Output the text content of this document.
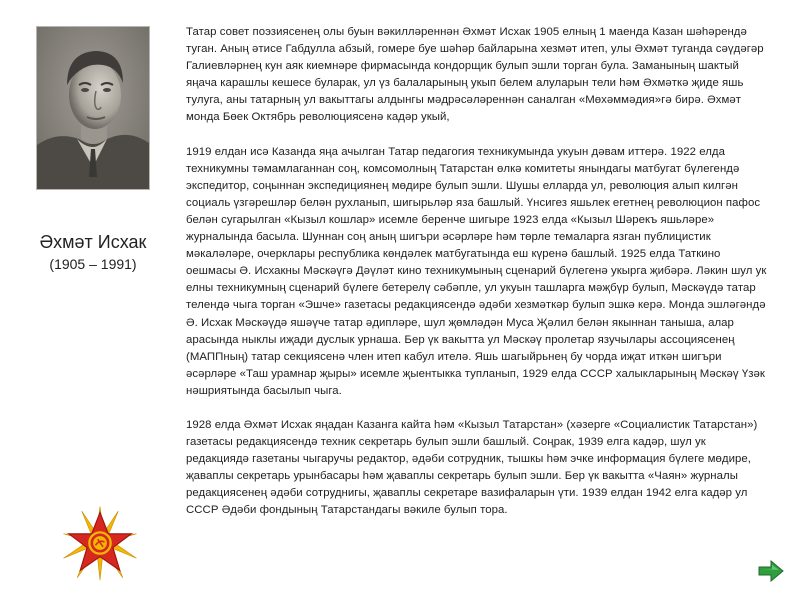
Әхмәт Исхак
(1905 – 1991)

Татар совет поэзиясенең олы буын вәкилләреннән Әхмәт Исхак 1905 елның 1 маенда Казан шәһәрендә туган. Аның әтисе Габдулла абзый, гомере буе шәһәр байларына хезмәт итеп, улы Әхмәт туганда сәүдәгәр Галиевләрнең кун аяк киемнәре фирмасында кондорщик булып эшли торган була. Заманының шактый яңача карашлы кешесе буларак, ул үз балаларының укып белем алуларын тели һәм Әхмәткә җиде яшь тулуга, аны татарның ул вакыттагы алдынгы мәдрәсәләреннән саналган «Мөхәммәдия»гә бирә. Әхмәт монда Бөек Октябрь революциясенә кадәр укый,

1919 елдан исә Казанда яңа ачылган Татар педагогия техникумында укуын дәвам иттерә. 1922 елда техникумны тәмамлаганнан соң, комсомолның Татарстан өлкә комитеты янындагы матбугат бүлегендә экспедитор, соңыннан экспедициянең мөдире булып эшли. Шушы елларда ул, революция алып килгән социаль үзгәрешләр белән рухланып, шигырьләр яза башлый. Үнсигез яшьлек егетнең революцион пафос белән сугарылган «Кызыл кошлар» исемле беренче шигыре 1923 елда «Кызыл Шәрекъ яшьләре» журналында басыла. Шуннан соң аның шигъри әсәрләре һәм төрле темаларга язган публицистик мәкаләләре, очерклары республика көндәлек матбугатында еш күренә башлый. 1925 елда Таткино оешмасы Ә. Исхакны Мәскәүгә Дәүләт кино техникумының сценарий бүлегенә укырга җибәрә. Ләкин шул ук елны техникумның сценарий бүлеге бетерелү сәбәпле, ул укуын ташларга мәҗбүр булып, Мәскәүдә татар телендә чыга торган «Эшче» газетасы редакциясендә әдәби хезмәткәр булып эшкә керә. Монда эшләгәндә Ә. Исхак Мәскәүдә яшәүче татар әдипләре, шул җөмләдән Муса Җәлил белән якыннан таныша, алар арасында ныклы иҗади дуслык урнаша. Бер үк вакытта ул Мәскәү пролетар язучылары ассоциясенең (МАППның) татар секциясенә член итеп кабул ителә. Яшь шагыйрьнең бу чорда иҗат иткән шигъри әсәрләре «Таш урамнар җыры» исемле җыентыкка тупланып, 1929 елда СССР халыкларының Мәскәү Үзәк нәшриятында басылып чыга.

1928 елда Әхмәт Исхак яңадан Казанга кайта һәм «Кызыл Татарстан» (хәзерге «Социалистик Татарстан») газетасы редакциясендә техник секретарь булып эшли башлый. Соңрак, 1939 елга кадәр, шул ук редакциядә газетаны чыгаручы редактор, әдәби сотрудник, тышкы һәм эчке информация бүлеге мөдире, җаваплы секретарь урынбасары һәм җаваплы секретарь булып эшли. Бер үк вакытта «Чаян» журналы редакциясенең әдәби сотруднигы, җаваплы секретаре вазифаларын үти. 1939 елдан 1942 елга кадәр ул СССР Әдәби фондының Татарстандагы вәкиле булып тора.
